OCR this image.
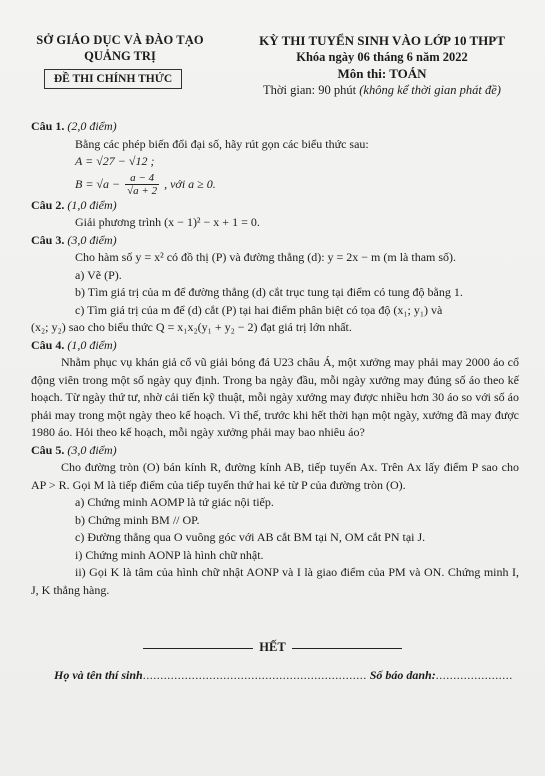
SỞ GIÁO DỤC VÀ ĐÀO TẠO
QUẢNG TRỊ
ĐỀ THI CHÍNH THỨC
KỲ THI TUYỂN SINH VÀO LỚP 10 THPT
Khóa ngày 06 tháng 6 năm 2022
Môn thi: TOÁN
Thời gian: 90 phút (không kể thời gian phát đề)
Câu 1. (2,0 điểm)
Bằng các phép biến đổi đại số, hãy rút gọn các biểu thức sau:
A = √27 − √12 ;
$B = √a - \frac{a - 4}{√a + 2}$ , với a ≥ 0.
Câu 2. (1,0 điểm)
Giải phương trình (x − 1)² − x + 1 = 0.
Câu 3. (3,0 điểm)
Cho hàm số y = x² có đồ thị (P) và đường thẳng (d): y = 2x − m (m là tham số).
a) Vẽ (P).
b) Tìm giá trị của m để đường thẳng (d) cắt trục tung tại điểm có tung độ bằng 1.
c) Tìm giá trị của m để (d) cắt (P) tại hai điểm phân biệt có tọa độ (x₁; y₁) và
(x₂; y₂) sao cho biểu thức Q = x₁x₂(y₁ + y₂ − 2) đạt giá trị lớn nhất.
Câu 4. (1,0 điểm)
Nhằm phục vụ khán giả cổ vũ giải bóng đá U23 châu Á, một xưởng may phải may 2000 áo cổ động viên trong một số ngày quy định. Trong ba ngày đầu, mỗi ngày xưởng may đúng số áo theo kế hoạch. Từ ngày thứ tư, nhờ cải tiến kỹ thuật, mỗi ngày xưởng may được nhiều hơn 30 áo so với số áo phải may trong một ngày theo kế hoạch. Vì thế, trước khi hết thời hạn một ngày, xưởng đã may được 1980 áo. Hỏi theo kế hoạch, mỗi ngày xưởng phải may bao nhiêu áo?
Câu 5. (3,0 điểm)
Cho đường tròn (O) bán kính R, đường kính AB, tiếp tuyến Ax. Trên Ax lấy điểm P sao cho AP > R. Gọi M là tiếp điểm của tiếp tuyến thứ hai kẻ từ P của đường tròn (O).
a) Chứng minh AOMP là tứ giác nội tiếp.
b) Chứng minh BM // OP.
c) Đường thẳng qua O vuông góc với AB cắt BM tại N, OM cắt PN tại J.
i) Chứng minh AONP là hình chữ nhật.
ii) Gọi K là tâm của hình chữ nhật AONP và I là giao điểm của PM và ON. Chứng minh I, J, K thẳng hàng.
HẾT
Họ và tên thí sinh................................................................ Số báo danh:......................
